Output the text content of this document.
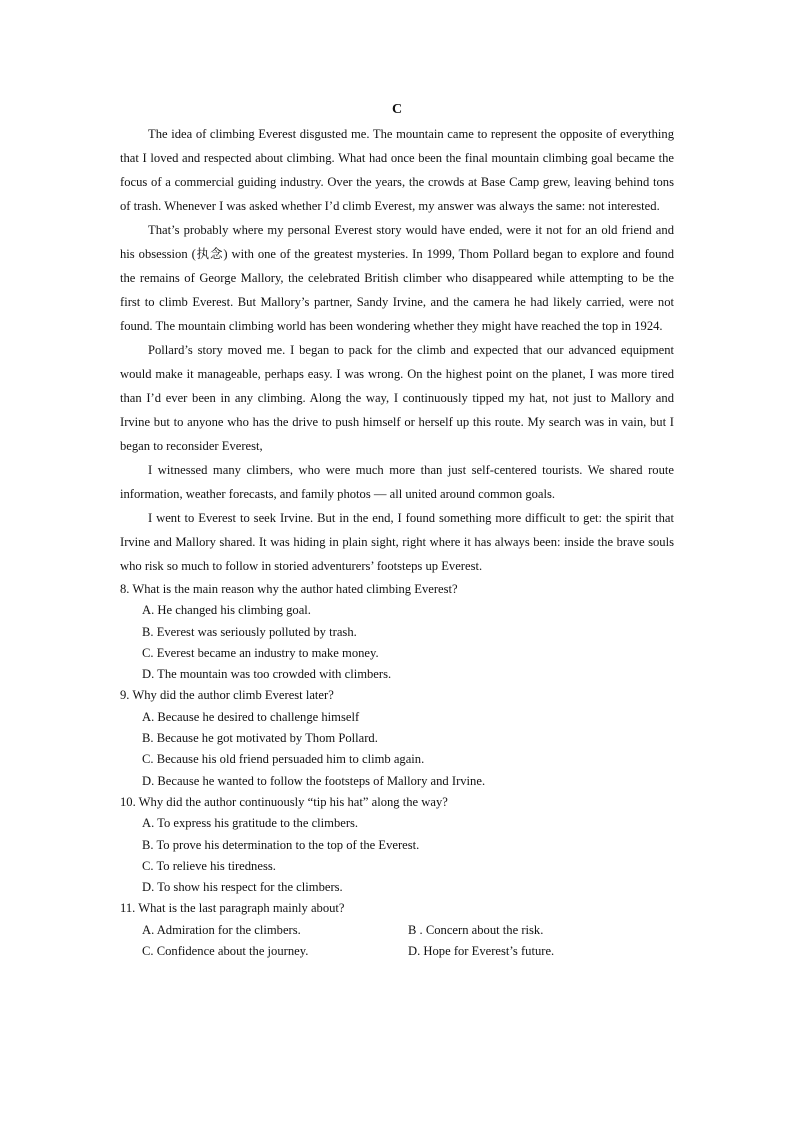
C

The idea of climbing Everest disgusted me. The mountain came to represent the opposite of everything that I loved and respected about climbing. What had once been the final mountain climbing goal became the focus of a commercial guiding industry. Over the years, the crowds at Base Camp grew, leaving behind tons of trash. Whenever I was asked whether I’d climb Everest, my answer was always the same: not interested.

That’s probably where my personal Everest story would have ended, were it not for an old friend and his obsession (执念) with one of the greatest mysteries. In 1999, Thom Pollard began to explore and found the remains of George Mallory, the celebrated British climber who disappeared while attempting to be the first to climb Everest. But Mallory’s partner, Sandy Irvine, and the camera he had likely carried, were not found. The mountain climbing world has been wondering whether they might have reached the top in 1924.

Pollard’s story moved me. I began to pack for the climb and expected that our advanced equipment would make it manageable, perhaps easy. I was wrong. On the highest point on the planet, I was more tired than I’d ever been in any climbing. Along the way, I continuously tipped my hat, not just to Mallory and Irvine but to anyone who has the drive to push himself or herself up this route. My search was in vain, but I began to reconsider Everest,

I witnessed many climbers, who were much more than just self-centered tourists. We shared route information, weather forecasts, and family photos — all united around common goals.

I went to Everest to seek Irvine. But in the end, I found something more difficult to get: the spirit that Irvine and Mallory shared. It was hiding in plain sight, right where it has always been: inside the brave souls who risk so much to follow in storied adventurers’ footsteps up Everest.

8. What is the main reason why the author hated climbing Everest?

A. He changed his climbing goal.

B. Everest was seriously polluted by trash.

C. Everest became an industry to make money.

D. The mountain was too crowded with climbers.

9. Why did the author climb Everest later?

A. Because he desired to challenge himself

B. Because he got motivated by Thom Pollard.

C. Because his old friend persuaded him to climb again.

D. Because he wanted to follow the footsteps of Mallory and Irvine.

10. Why did the author continuously “tip his hat” along the way?

A. To express his gratitude to the climbers.

B. To prove his determination to the top of the Everest.

C. To relieve his tiredness.

D. To show his respect for the climbers.

11. What is the last paragraph mainly about?

A. Admiration for the climbers.	B . Concern about the risk.
C. Confidence about the journey.	D. Hope for Everest’s future.
